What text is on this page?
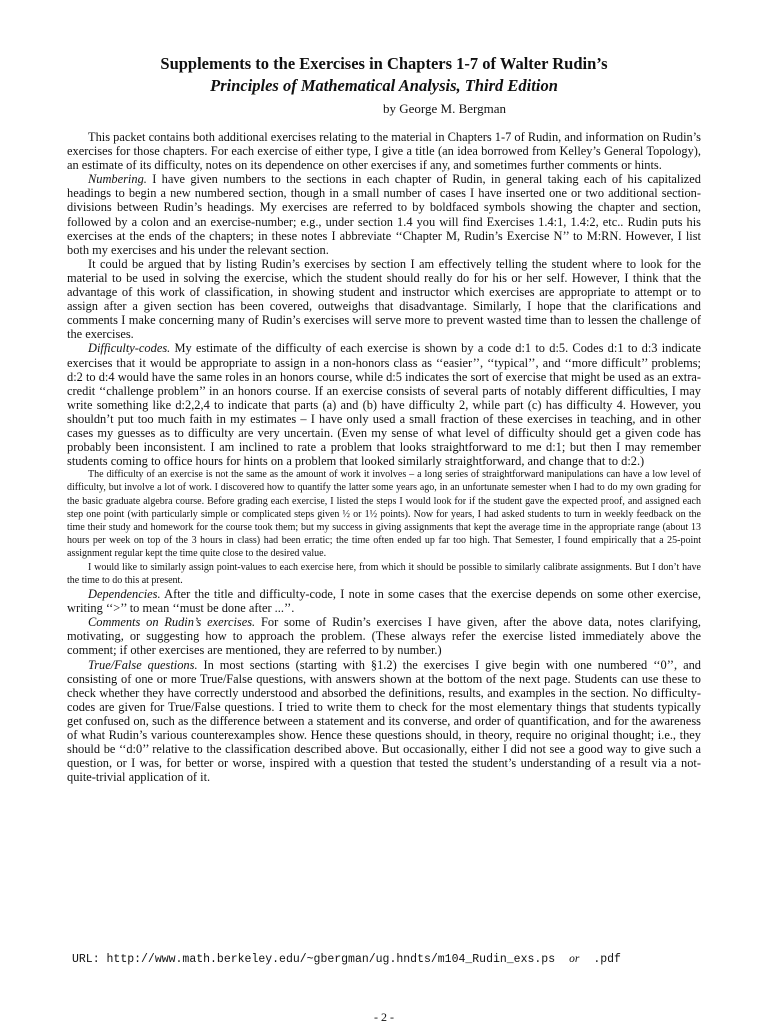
Supplements to the Exercises in Chapters 1-7 of Walter Rudin’s
Principles of Mathematical Analysis, Third Edition
by George M. Bergman

This packet contains both additional exercises relating to the material in Chapters 1-7 of Rudin, and information on Rudin’s exercises for those chapters. For each exercise of either type, I give a title (an idea borrowed from Kelley’s General Topology), an estimate of its difficulty, notes on its dependence on other exercises if any, and sometimes further comments or hints.

Numbering. I have given numbers to the sections in each chapter of Rudin, in general taking each of his capitalized headings to begin a new numbered section, though in a small number of cases I have inserted one or two additional section-divisions between Rudin’s headings. My exercises are referred to by boldfaced symbols showing the chapter and section, followed by a colon and an exercise-number; e.g., under section 1.4 you will find Exercises 1.4:1, 1.4:2, etc.. Rudin puts his exercises at the ends of the chapters; in these notes I abbreviate ‘‘Chapter M, Rudin’s Exercise N’’ to M:RN. However, I list both my exercises and his under the relevant section.

It could be argued that by listing Rudin’s exercises by section I am effectively telling the student where to look for the material to be used in solving the exercise, which the student should really do for his or her self. However, I think that the advantage of this work of classification, in showing student and instructor which exercises are appropriate to attempt or to assign after a given section has been covered, outweighs that disadvantage. Similarly, I hope that the clarifications and comments I make concerning many of Rudin’s exercises will serve more to prevent wasted time than to lessen the challenge of the exercises.

Difficulty-codes. My estimate of the difficulty of each exercise is shown by a code d:1 to d:5. Codes d:1 to d:3 indicate exercises that it would be appropriate to assign in a non-honors class as ‘‘easier’’, ‘‘typical’’, and ‘‘more difficult’’ problems; d:2 to d:4 would have the same roles in an honors course, while d:5 indicates the sort of exercise that might be used as an extra-credit ‘‘challenge problem’’ in an honors course. If an exercise consists of several parts of notably different difficulties, I may write something like d:2,2,4 to indicate that parts (a) and (b) have difficulty 2, while part (c) has difficulty 4. However, you shouldn’t put too much faith in my estimates – I have only used a small fraction of these exercises in teaching, and in other cases my guesses as to difficulty are very uncertain. (Even my sense of what level of difficulty should get a given code has probably been inconsistent. I am inclined to rate a problem that looks straightforward to me d:1; but then I may remember students coming to office hours for hints on a problem that looked similarly straightforward, and change that to d:2.)

The difficulty of an exercise is not the same as the amount of work it involves – a long series of straightforward manipulations can have a low level of difficulty, but involve a lot of work. I discovered how to quantify the latter some years ago, in an unfortunate semester when I had to do my own grading for the basic graduate algebra course. Before grading each exercise, I listed the steps I would look for if the student gave the expected proof, and assigned each step one point (with particularly simple or complicated steps given ½ or 1½ points). Now for years, I had asked students to turn in weekly feedback on the time their study and homework for the course took them; but my success in giving assignments that kept the average time in the appropriate range (about 13 hours per week on top of the 3 hours in class) had been erratic; the time often ended up far too high. That Semester, I found empirically that a 25-point assignment regular kept the time quite close to the desired value.

I would like to similarly assign point-values to each exercise here, from which it should be possible to similarly calibrate assignments. But I don’t have the time to do this at present.

Dependencies. After the title and difficulty-code, I note in some cases that the exercise depends on some other exercise, writing ‘‘>’’ to mean ‘‘must be done after ...’’.

Comments on Rudin’s exercises. For some of Rudin’s exercises I have given, after the above data, notes clarifying, motivating, or suggesting how to approach the problem. (These always refer the exercise listed immediately above the comment; if other exercises are mentioned, they are referred to by number.)

True/False questions. In most sections (starting with §1.2) the exercises I give begin with one numbered ‘‘0’’, and consisting of one or more True/False questions, with answers shown at the bottom of the next page. Students can use these to check whether they have correctly understood and absorbed the definitions, results, and examples in the section. No difficulty-codes are given for True/False questions. I tried to write them to check for the most elementary things that students typically get confused on, such as the difference between a statement and its converse, and order of quantification, and for the awareness of what Rudin’s various counterexamples show. Hence these questions should, in theory, require no original thought; i.e., they should be ‘‘d:0’’ relative to the classification described above. But occasionally, either I did not see a good way to give such a question, or I was, for better or worse, inspired with a question that tested the student’s understanding of a result via a not-quite-trivial application of it.

URL: http://www.math.berkeley.edu/~gbergman/ug.hndts/m104_Rudin_exs.ps or .pdf
- 2 -
